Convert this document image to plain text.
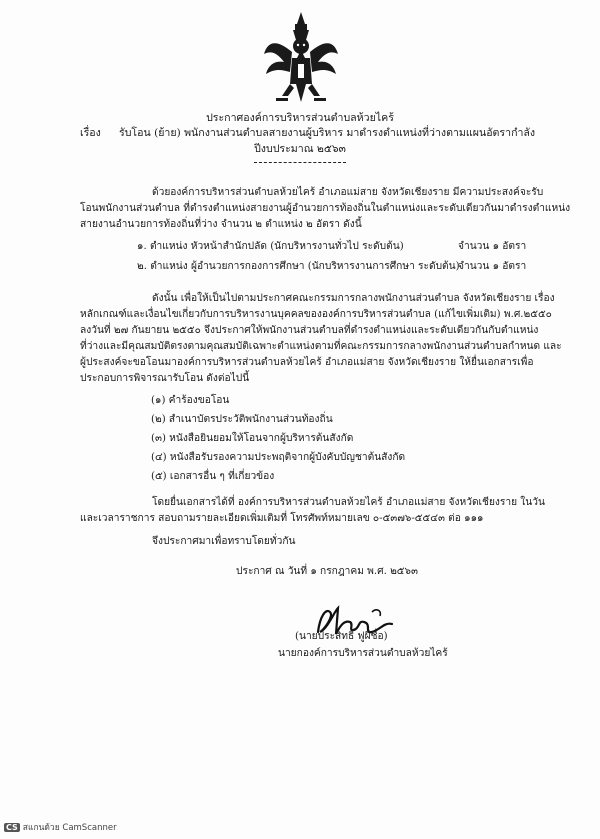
ประกาศองค์การบริหารส่วนตำบลห้วยไคร้
เรื่อง รับโอน (ย้าย) พนักงานส่วนตำบลสายงานผู้บริหาร มาดำรงตำแหน่งที่ว่างตามแผนอัตรากำลัง
ปีงบประมาณ ๒๕๖๓
ด้วยองค์การบริหารส่วนตำบลห้วยไคร้ อำเภอแม่สาย จังหวัดเชียงราย มีความประสงค์จะรับ
โอนพนักงานส่วนตำบล ที่ดำรงตำแหน่งสายงานผู้อำนวยการท้องถิ่นในตำแหน่งและระดับเดียวกันมาดำรงตำแหน่ง
สายงานอำนวยการท้องถิ่นที่ว่าง จำนวน ๒ ตำแหน่ง ๒ อัตรา ดังนี้
๑. ตำแหน่ง หัวหน้าสำนักปลัด (นักบริหารงานทั่วไป ระดับต้น)	จำนวน ๑ อัตรา
๒. ตำแหน่ง ผู้อำนวยการกองการศึกษา (นักบริหารงานการศึกษา ระดับต้น)
จำนวน ๑ อัตรา
ดังนั้น เพื่อให้เป็นไปตามประกาศคณะกรรมการกลางพนักงานส่วนตำบล จังหวัดเชียงราย เรื่อง
หลักเกณฑ์และเงื่อนไขเกี่ยวกับการบริหารงานบุคคลขององค์การบริหารส่วนตำบล (แก้ไขเพิ่มเติม) พ.ศ.๒๕๕๐
ลงวันที่ ๒๗ กันยายน ๒๕๕๐ จึงประกาศให้พนักงานส่วนตำบลที่ดำรงตำแหน่งและระดับเดียวกันกับตำแหน่ง
ที่ว่างและมีคุณสมบัติตรงตามคุณสมบัติเฉพาะตำแหน่งตามที่คณะกรรมการกลางพนักงานส่วนตำบลกำหนด และ
ผู้ประสงค์จะขอโอนมาองค์การบริหารส่วนตำบลห้วยไคร้ อำเภอแม่สาย จังหวัดเชียงราย ให้ยื่นเอกสารเพื่อ
ประกอบการพิจารณารับโอน ดังต่อไปนี้
(๑) คำร้องขอโอน
(๒) สำเนาบัตรประวัติพนักงานส่วนท้องถิ่น
(๓) หนังสือยินยอมให้โอนจากผู้บริหารต้นสังกัด
(๔) หนังสือรับรองความประพฤติจากผู้บังคับบัญชาต้นสังกัด
(๕) เอกสารอื่น ๆ ที่เกี่ยวข้อง
โดยยื่นเอกสารได้ที่ องค์การบริหารส่วนตำบลห้วยไคร้ อำเภอแม่สาย จังหวัดเชียงราย ในวัน
และเวลาราชการ สอบถามรายละเอียดเพิ่มเติมที่ โทรศัพท์หมายเลข ๐-๕๓๗๖-๕๕๔๓ ต่อ ๑๑๑
จึงประกาศมาเพื่อทราบโดยทั่วกัน
ประกาศ ณ วันที่ ๑ กรกฎาคม พ.ศ. ๒๕๖๓
(นายประสิทธิ์ ฟูผีชื่อ)
นายกองค์การบริหารส่วนตำบลห้วยไคร้
CS สแกนด้วย CamScanner
